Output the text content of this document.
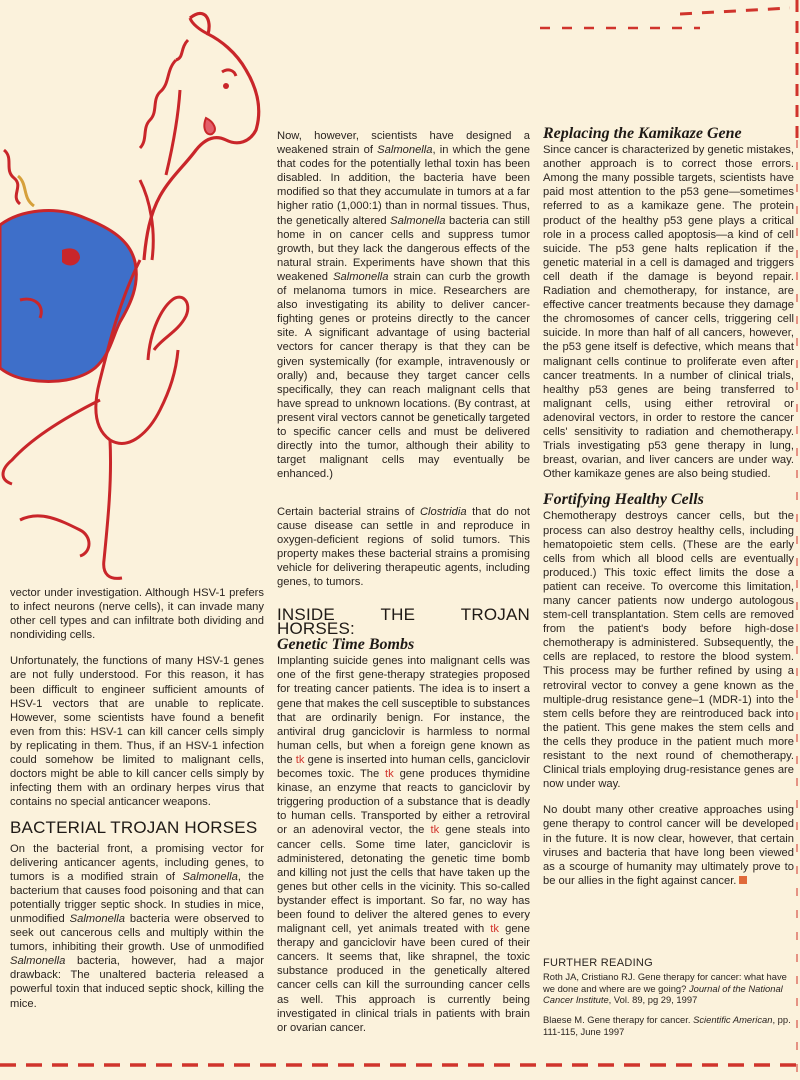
vector under investigation. Although HSV-1 prefers to infect neurons (nerve cells), it can invade many other cell types and can infiltrate both dividing and nondividing cells.

Unfortunately, the functions of many HSV-1 genes are not fully understood. For this reason, it has been difficult to engineer sufficient amounts of HSV-1 vectors that are unable to replicate. However, some scientists have found a benefit even from this: HSV-1 can kill cancer cells simply by replicating in them. Thus, if an HSV-1 infection could somehow be limited to malignant cells, doctors might be able to kill cancer cells simply by infecting them with an ordinary herpes virus that contains no special anticancer weapons.

BACTERIAL TROJAN HORSES

On the bacterial front, a promising vector for delivering anticancer agents, including genes, to tumors is a modified strain of Salmonella, the bacterium that causes food poisoning and that can potentially trigger septic shock. In studies in mice, unmodified Salmonella bacteria were observed to seek out cancerous cells and multiply within the tumors, inhibiting their growth. Use of unmodified Salmonella bacteria, however, had a major drawback: The unaltered bacteria released a powerful toxin that induced septic shock, killing the mice.

Now, however, scientists have designed a weakened strain of Salmonella, in which the gene that codes for the potentially lethal toxin has been disabled. In addition, the bacteria have been modified so that they accumulate in tumors at a far higher ratio (1,000:1) than in normal tissues. Thus, the genetically altered Salmonella bacteria can still home in on cancer cells and suppress tumor growth, but they lack the dangerous effects of the natural strain. Experiments have shown that this weakened Salmonella strain can curb the growth of melanoma tumors in mice. Researchers are also investigating its ability to deliver cancer-fighting genes or proteins directly to the cancer site. A significant advantage of using bacterial vectors for cancer therapy is that they can be given systemically (for example, intravenously or orally) and, because they target cancer cells specifically, they can reach malignant cells that have spread to unknown locations. (By contrast, at present viral vectors cannot be genetically targeted to specific cancer cells and must be delivered directly into the tumor, although their ability to target malignant cells may eventually be enhanced.)

Certain bacterial strains of Clostridia that do not cause disease can settle in and reproduce in oxygen-deficient regions of solid tumors. This property makes these bacterial strains a promising vehicle for delivering therapeutic agents, including genes, to tumors.

INSIDE THE TROJAN HORSES:
Genetic Time Bombs

Implanting suicide genes into malignant cells was one of the first gene-therapy strategies proposed for treating cancer patients. The idea is to insert a gene that makes the cell susceptible to substances that are ordinarily benign. For instance, the antiviral drug ganciclovir is harmless to normal human cells, but when a foreign gene known as the tk gene is inserted into human cells, ganciclovir becomes toxic. The tk gene produces thymidine kinase, an enzyme that reacts to ganciclovir by triggering production of a substance that is deadly to human cells. Transported by either a retroviral or an adenoviral vector, the tk gene steals into cancer cells. Some time later, ganciclovir is administered, detonating the genetic time bomb and killing not just the cells that have taken up the genes but other cells in the vicinity. This so-called bystander effect is important. So far, no way has been found to deliver the altered genes to every malignant cell, yet animals treated with tk gene therapy and ganciclovir have been cured of their cancers. It seems that, like shrapnel, the toxic substance produced in the genetically altered cancer cells can kill the surrounding cancer cells as well. This approach is currently being investigated in clinical trials in patients with brain or ovarian cancer.

Replacing the Kamikaze Gene

Since cancer is characterized by genetic mistakes, another approach is to correct those errors. Among the many possible targets, scientists have paid most attention to the p53 gene—sometimes referred to as a kamikaze gene. The protein product of the healthy p53 gene plays a critical role in a process called apoptosis—a kind of cell suicide. The p53 gene halts replication if the genetic material in a cell is damaged and triggers cell death if the damage is beyond repair. Radiation and chemotherapy, for instance, are effective cancer treatments because they damage the chromosomes of cancer cells, triggering cell suicide. In more than half of all cancers, however, the p53 gene itself is defective, which means that malignant cells continue to proliferate even after cancer treatments. In a number of clinical trials, healthy p53 genes are being transferred to malignant cells, using either retroviral or adenoviral vectors, in order to restore the cancer cells' sensitivity to radiation and chemotherapy. Trials investigating p53 gene therapy in lung, breast, ovarian, and liver cancers are under way. Other kamikaze genes are also being studied.

Fortifying Healthy Cells

Chemotherapy destroys cancer cells, but the process can also destroy healthy cells, including hematopoietic stem cells. (These are the early cells from which all blood cells are eventually produced.) This toxic effect limits the dose a patient can receive. To overcome this limitation, many cancer patients now undergo autologous stem-cell transplantation. Stem cells are removed from the patient's body before high-dose chemotherapy is administered. Subsequently, the cells are replaced, to restore the blood system. This process may be further refined by using a retroviral vector to convey a gene known as the multiple-drug resistance gene–1 (MDR-1) into the stem cells before they are reintroduced back into the patient. This gene makes the stem cells and the cells they produce in the patient much more resistant to the next round of chemotherapy. Clinical trials employing drug-resistance genes are now under way.

No doubt many other creative approaches using gene therapy to control cancer will be developed in the future. It is now clear, however, that certain viruses and bacteria that have long been viewed as a scourge of humanity may ultimately prove to be our allies in the fight against cancer.

FURTHER READING

Roth JA, Cristiano RJ. Gene therapy for cancer: what have we done and where are we going? Journal of the National Cancer Institute, Vol. 89, pg 29, 1997

Blaese M. Gene therapy for cancer. Scientific American, pp. 111-115, June 1997
